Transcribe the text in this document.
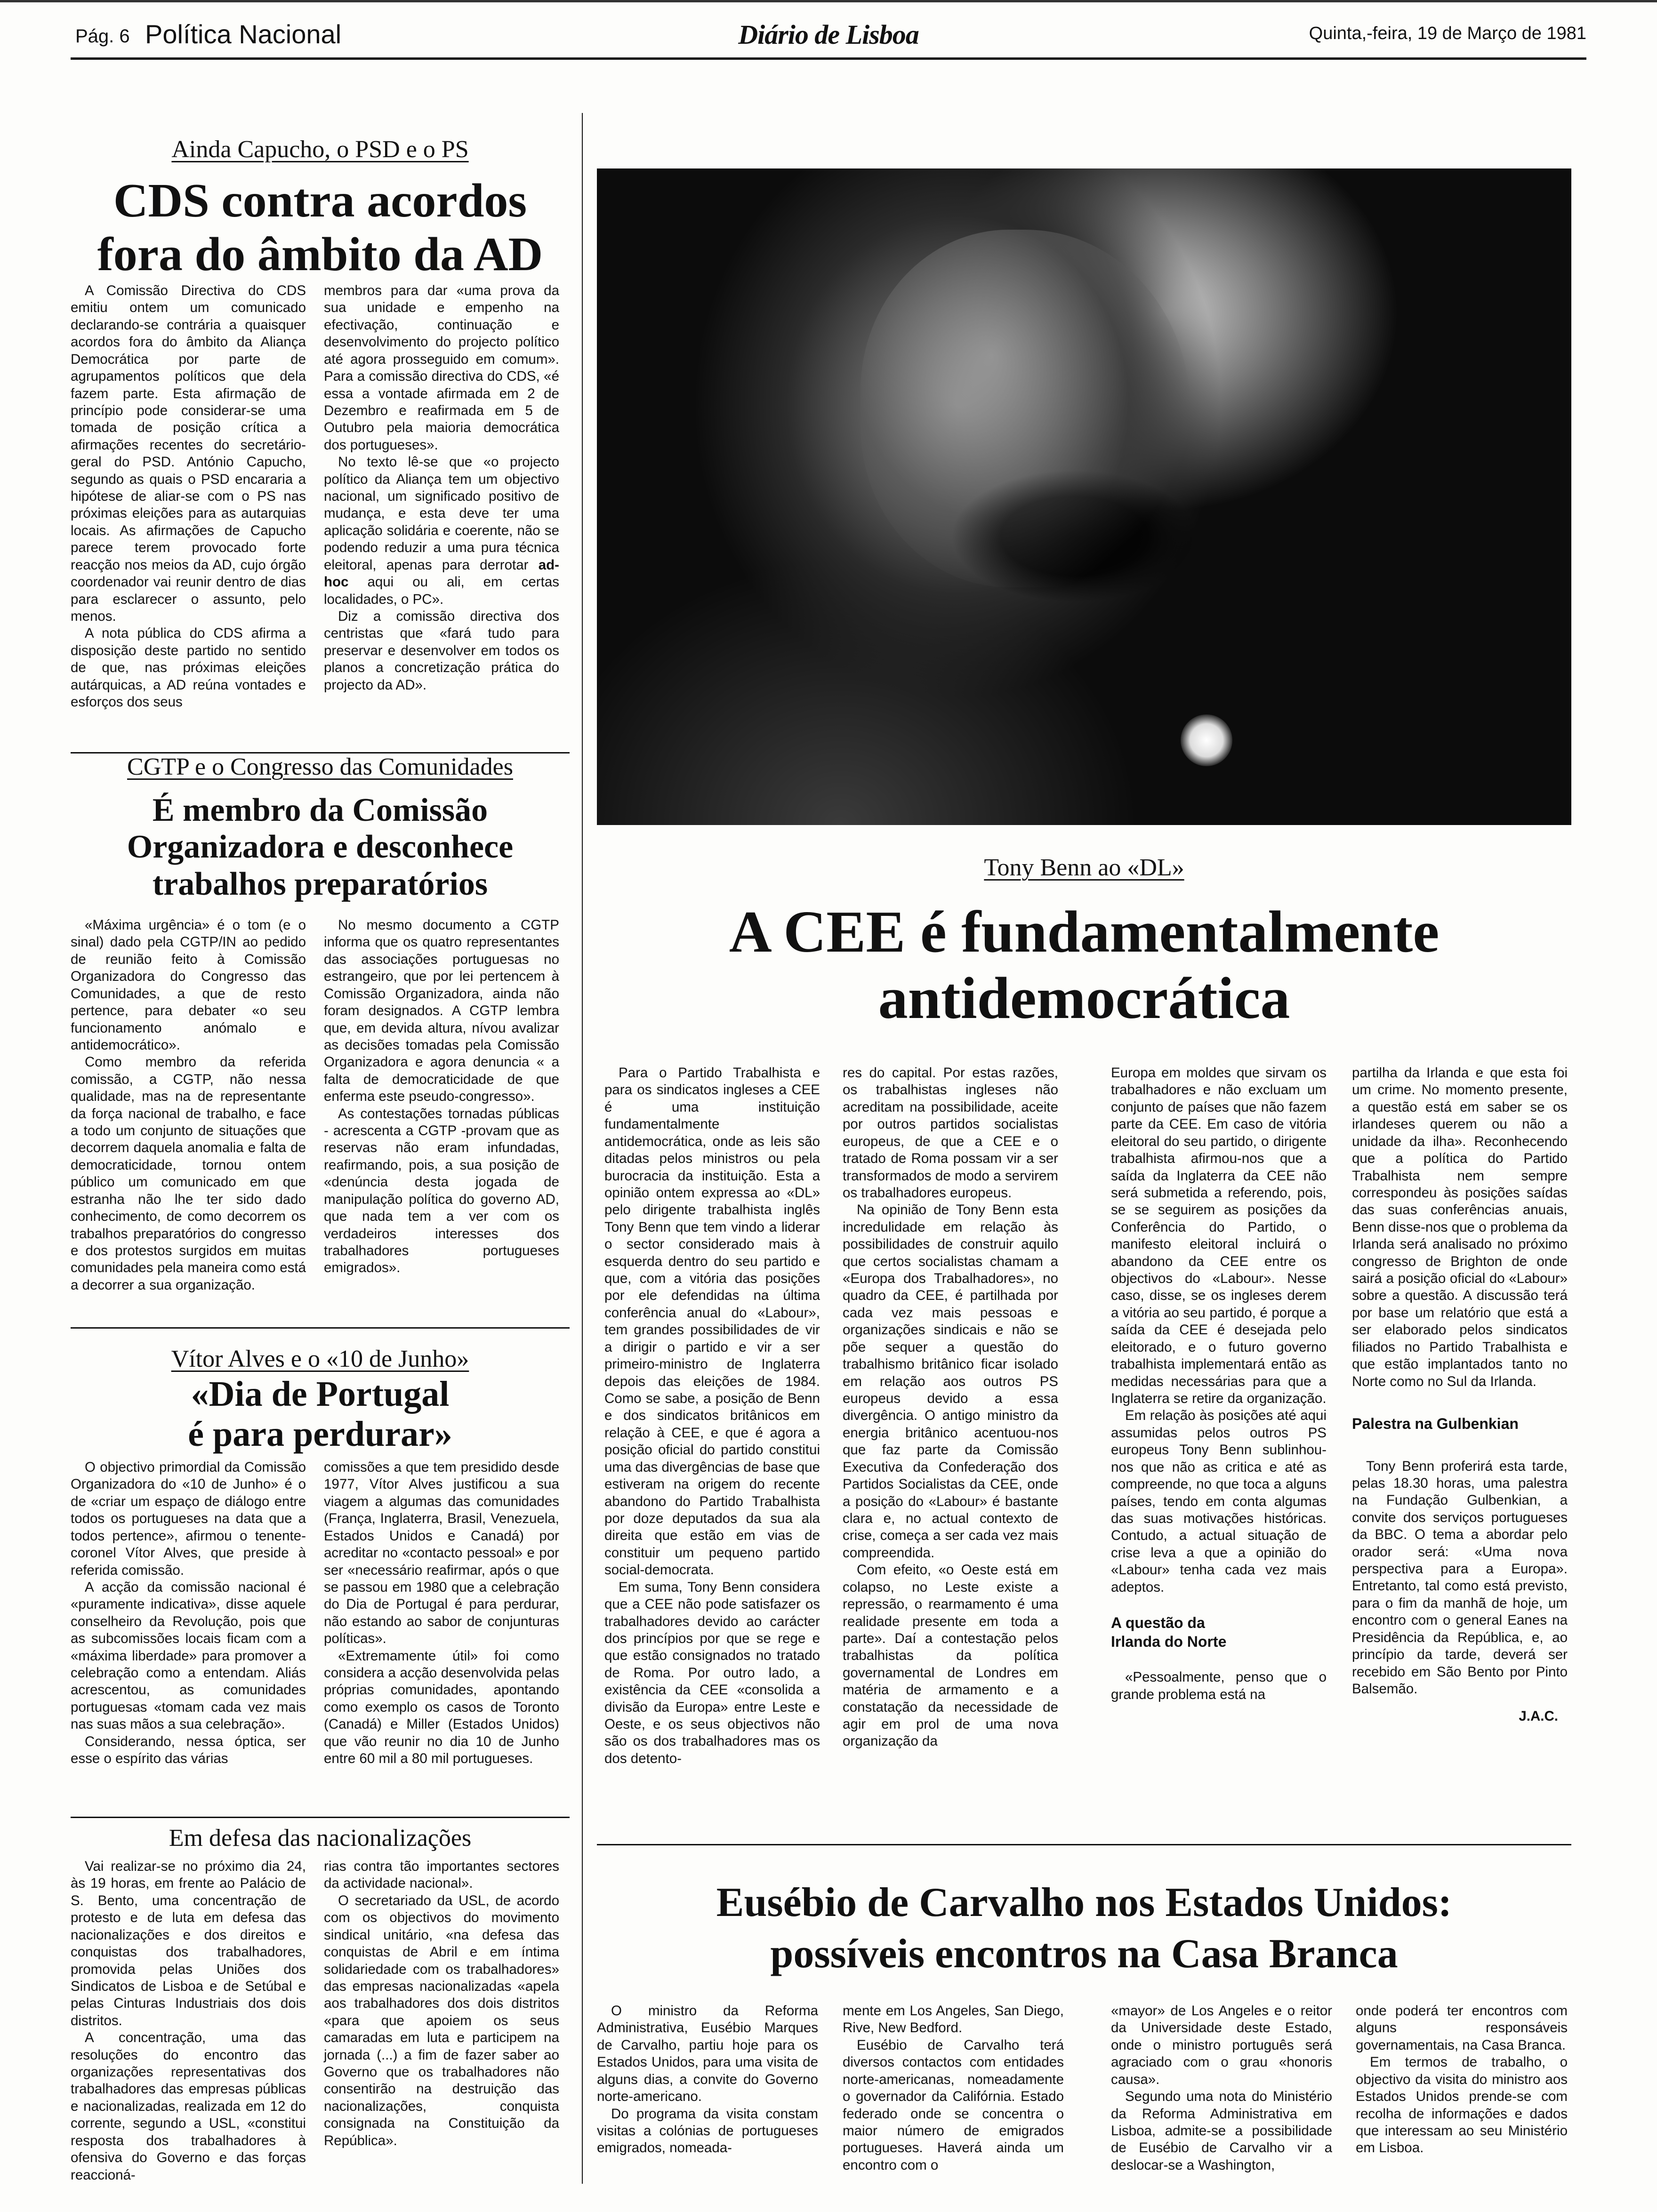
Pág. 6 Política Nacional	Diário de Lisboa	Quinta,-feira, 19 de Março de 1981
Ainda Capucho, o PSD e o PS
CDS contra acordos
fora do âmbito da AD

A Comissão Directiva do CDS emitiu ontem um comunicado declarando-se contrária a quaisquer acordos fora do âmbito da Aliança Democrática por parte de agrupamentos políticos que dela fazem parte. Esta afirmação de princípio pode considerar-se uma tomada de posição crítica a afirmações recentes do secretário-geral do PSD. António Capucho, segundo as quais o PSD encararia a hipótese de aliar-se com o PS nas próximas eleições para as autarquias locais. As afirmações de Capucho parece terem provocado forte reacção nos meios da AD, cujo órgão coordenador vai reunir dentro de dias para esclarecer o assunto, pelo menos.

A nota pública do CDS afirma a disposição deste partido no sentido de que, nas próximas eleições autárquicas, a AD reúna vontades e esforços dos seus

membros para dar «uma prova da sua unidade e empenho na efectivação, continuação e desenvolvimento do projecto político até agora prosseguido em comum». Para a comissão directiva do CDS, «é essa a vontade afirmada em 2 de Dezembro e reafirmada em 5 de Outubro pela maioria democrática dos portugueses».

No texto lê-se que «o projecto político da Aliança tem um objectivo nacional, um significado positivo de mudança, e esta deve ter uma aplicação solidária e coerente, não se podendo reduzir a uma pura técnica eleitoral, apenas para derrotar ad-hoc aqui ou ali, em certas localidades, o PC».

Diz a comissão directiva dos centristas que «fará tudo para preservar e desenvolver em todos os planos a concretização prática do projecto da AD».

CGTP e o Congresso das Comunidades
É membro da Comissão
Organizadora e desconhece
trabalhos preparatórios

«Máxima urgência» é o tom (e o sinal) dado pela CGTP/IN ao pedido de reunião feito à Comissão Organizadora do Congresso das Comunidades, a que de resto pertence, para debater «o seu funcionamento anómalo e antidemocrático».

Como membro da referida comissão, a CGTP, não nessa qualidade, mas na de representante da força nacional de trabalho, e face a todo um conjunto de situações que decorrem daquela anomalia e falta de democraticidade, tornou ontem público um comunicado em que estranha não lhe ter sido dado conhecimento, de como decorrem os trabalhos preparatórios do congresso e dos protestos surgidos em muitas comunidades pela maneira como está a decorrer a sua organização.

No mesmo documento a CGTP informa que os quatro representantes das associações portuguesas no estrangeiro, que por lei pertencem à Comissão Organizadora, ainda não foram designados. A CGTP lembra que, em devida altura, nívou avalizar as decisões tomadas pela Comissão Organizadora e agora denuncia « a falta de democraticidade de que enferma este pseudo-congresso».

As contestações tornadas públicas - acrescenta a CGTP -provam que as reservas não eram infundadas, reafirmando, pois, a sua posição de «denúncia desta jogada de manipulação política do governo AD, que nada tem a ver com os verdadeiros interesses dos trabalhadores portugueses emigrados».

Vítor Alves e o «10 de Junho»
«Dia de Portugal
é para perdurar»

O objectivo primordial da Comissão Organizadora do «10 de Junho» é o de «criar um espaço de diálogo entre todos os portugueses na data que a todos pertence», afirmou o tenente-coronel Vítor Alves, que preside à referida comissão.

A acção da comissão nacional é «puramente indicativa», disse aquele conselheiro da Revolução, pois que as subcomissões locais ficam com a «máxima liberdade» para promover a celebração como a entendam. Aliás acrescentou, as comunidades portuguesas «tomam cada vez mais nas suas mãos a sua celebração».

Considerando, nessa óptica, ser esse o espírito das várias

comissões a que tem presidido desde 1977, Vítor Alves justificou a sua viagem a algumas das comunidades (França, Inglaterra, Brasil, Venezuela, Estados Unidos e Canadá) por acreditar no «contacto pessoal» e por ser «necessário reafirmar, após o que se passou em 1980 que a celebração do Dia de Portugal é para perdurar, não estando ao sabor de conjunturas políticas».

«Extremamente útil» foi como considera a acção desenvolvida pelas próprias comunidades, apontando como exemplo os casos de Toronto (Canadá) e Miller (Estados Unidos) que vão reunir no dia 10 de Junho entre 60 mil a 80 mil portugueses.

Em defesa das nacionalizações

Vai realizar-se no próximo dia 24, às 19 horas, em frente ao Palácio de S. Bento, uma concentração de protesto e de luta em defesa das nacionalizações e dos direitos e conquistas dos trabalhadores, promovida pelas Uniões dos Sindicatos de Lisboa e de Setúbal e pelas Cinturas Industriais dos dois distritos.

A concentração, uma das resoluções do encontro das organizações representativas dos trabalhadores das empresas públicas e nacionalizadas, realizada em 12 do corrente, segundo a USL, «constitui resposta dos trabalhadores à ofensiva do Governo e das forças reaccioná-

rias contra tão importantes sectores da actividade nacional».

O secretariado da USL, de acordo com os objectivos do movimento sindical unitário, «na defesa das conquistas de Abril e em íntima solidariedade com os trabalhadores» das empresas nacionalizadas «apela aos trabalhadores dos dois distritos «para que apoiem os seus camaradas em luta e participem na jornada (...) a fim de fazer saber ao Governo que os trabalhadores não consentirão na destruição das nacionalizações, conquista consignada na Constituição da República».

Tony Benn ao «DL»
A CEE é fundamentalmente
antidemocrática

Para o Partido Trabalhista e para os sindicatos ingleses a CEE é uma instituição fundamentalmente antidemocrática, onde as leis são ditadas pelos ministros ou pela burocracia da instituição. Esta a opinião ontem expressa ao «DL» pelo dirigente trabalhista inglês Tony Benn que tem vindo a liderar o sector considerado mais à esquerda dentro do seu partido e que, com a vitória das posições por ele defendidas na última conferência anual do «Labour», tem grandes possibilidades de vir a dirigir o partido e vir a ser primeiro-ministro de Inglaterra depois das eleições de 1984. Como se sabe, a posição de Benn e dos sindicatos britânicos em relação à CEE, e que é agora a posição oficial do partido constitui uma das divergências de base que estiveram na origem do recente abandono do Partido Trabalhista por doze deputados da sua ala direita que estão em vias de constituir um pequeno partido social-democrata.

Em suma, Tony Benn considera que a CEE não pode satisfazer os trabalhadores devido ao carácter dos princípios por que se rege e que estão consignados no tratado de Roma. Por outro lado, a existência da CEE «consolida a divisão da Europa» entre Leste e Oeste, e os seus objectivos não são os dos trabalhadores mas os dos detento-

res do capital. Por estas razões, os trabalhistas ingleses não acreditam na possibilidade, aceite por outros partidos socialistas europeus, de que a CEE e o tratado de Roma possam vir a ser transformados de modo a servirem os trabalhadores europeus.

Na opinião de Tony Benn esta incredulidade em relação às possibilidades de construir aquilo que certos socialistas chamam a «Europa dos Trabalhadores», no quadro da CEE, é partilhada por cada vez mais pessoas e organizações sindicais e não se põe sequer a questão do trabalhismo britânico ficar isolado em relação aos outros PS europeus devido a essa divergência. O antigo ministro da energia britânico acentuou-nos que faz parte da Comissão Executiva da Confederação dos Partidos Socialistas da CEE, onde a posição do «Labour» é bastante clara e, no actual contexto de crise, começa a ser cada vez mais compreendida.

Com efeito, «o Oeste está em colapso, no Leste existe a repressão, o rearmamento é uma realidade presente em toda a parte». Daí a contestação pelos trabalhistas da política governamental de Londres em matéria de armamento e a constatação da necessidade de agir em prol de uma nova organização da

Europa em moldes que sirvam os trabalhadores e não excluam um conjunto de países que não fazem parte da CEE. Em caso de vitória eleitoral do seu partido, o dirigente trabalhista afirmou-nos que a saída da Inglaterra da CEE não será submetida a referendo, pois, se se seguirem as posições da Conferência do Partido, o manifesto eleitoral incluirá o abandono da CEE entre os objectivos do «Labour». Nesse caso, disse, se os ingleses derem a vitória ao seu partido, é porque a saída da CEE é desejada pelo eleitorado, e o futuro governo trabalhista implementará então as medidas necessárias para que a Inglaterra se retire da organização.

Em relação às posições até aqui assumidas pelos outros PS europeus Tony Benn sublinhou-nos que não as critica e até as compreende, no que toca a alguns países, tendo em conta algumas das suas motivações históricas. Contudo, a actual situação de crise leva a que a opinião do «Labour» tenha cada vez mais adeptos.

A questão da Irlanda do Norte

«Pessoalmente, penso que o grande problema está na

partilha da Irlanda e que esta foi um crime. No momento presente, a questão está em saber se os irlandeses querem ou não a unidade da ilha». Reconhecendo que a política do Partido Trabalhista nem sempre correspondeu às posições saídas das suas conferências anuais, Benn disse-nos que o problema da Irlanda será analisado no próximo congresso de Brighton de onde sairá a posição oficial do «Labour» sobre a questão. A discussão terá por base um relatório que está a ser elaborado pelos sindicatos filiados no Partido Trabalhista e que estão implantados tanto no Norte como no Sul da Irlanda.

Palestra na Gulbenkian

Tony Benn proferirá esta tarde, pelas 18.30 horas, uma palestra na Fundação Gulbenkian, a convite dos serviços portugueses da BBC. O tema a abordar pelo orador será: «Uma nova perspectiva para a Europa». Entretanto, tal como está previsto, para o fim da manhã de hoje, um encontro com o general Eanes na Presidência da República, e, ao princípio da tarde, deverá ser recebido em São Bento por Pinto Balsemão.

J.A.C.

Eusébio de Carvalho nos Estados Unidos:
possíveis encontros na Casa Branca

O ministro da Reforma Administrativa, Eusébio Marques de Carvalho, partiu hoje para os Estados Unidos, para uma visita de alguns dias, a convite do Governo norte-americano.

Do programa da visita constam visitas a colónias de portugueses emigrados, nomeada-

mente em Los Angeles, San Diego, Rive, New Bedford.

Eusébio de Carvalho terá diversos contactos com entidades norte-americanas, nomeadamente o governador da Califórnia. Estado federado onde se concentra o maior número de emigrados portugueses. Haverá ainda um encontro com o

«mayor» de Los Angeles e o reitor da Universidade deste Estado, onde o ministro português será agraciado com o grau «honoris causa».

Segundo uma nota do Ministério da Reforma Administrativa em Lisboa, admite-se a possibilidade de Eusébio de Carvalho vir a deslocar-se a Washington,

onde poderá ter encontros com alguns responsáveis governamentais, na Casa Branca.

Em termos de trabalho, o objectivo da visita do ministro aos Estados Unidos prende-se com recolha de informações e dados que interessam ao seu Ministério em Lisboa.
